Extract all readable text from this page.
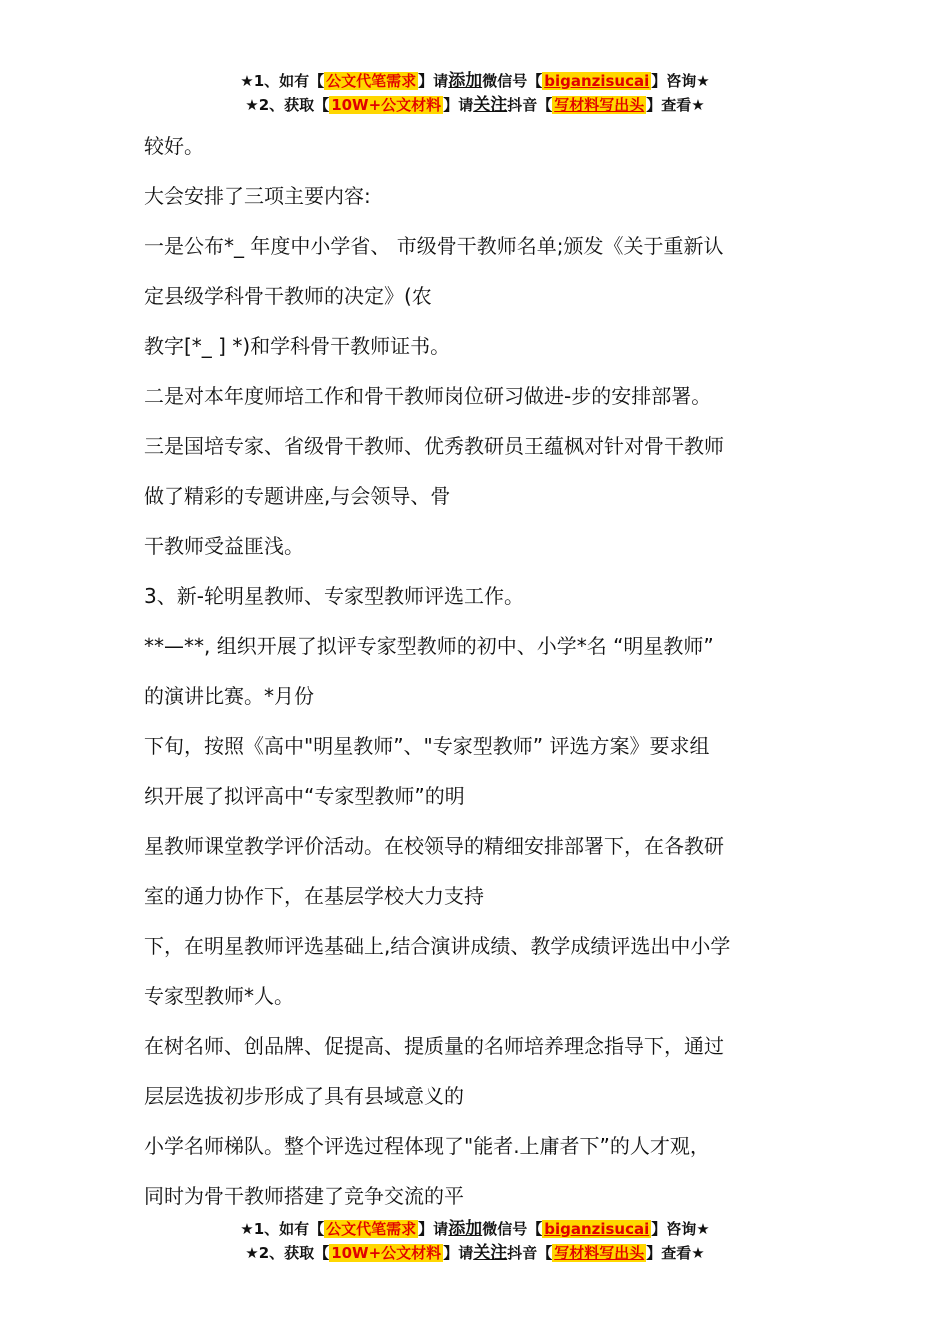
★1、如有【 公文代笔需求 】请添加微信号【 biganzisucai 】咨询★
★2、获取【 10W+公文材料 】请关注抖音【 写材料写出头 】查看★

较好。

大会安排了三项主要内容:

一是公布*_ 年度中小学省、 市级骨干教师名单;颁发《关于重新认

定县级学科骨干教师的决定》(农

教字[*_ ] *)和学科骨干教师证书。

二是对本年度师培工作和骨干教师岗位研习做进-步的安排部署。

三是国培专家、省级骨干教师、优秀教研员王蕴枫对针对骨干教师

做了精彩的专题讲座,与会领导、骨

干教师受益匪浅。

3、新-轮明星教师、专家型教师评选工作。

**—**, 组织开展了拟评专家型教师的初中、小学*名 “明星教师”

的演讲比赛。*月份

下旬，按照《高中"明星教师”、"专家型教师” 评选方案》要求组

织开展了拟评高中“专家型教师”的明

星教师课堂教学评价活动。在校领导的精细安排部署下，在各教研

室的通力协作下，在基层学校大力支持

下，在明星教师评选基础上,结合演讲成绩、教学成绩评选出中小学

专家型教师*人。

在树名师、创品牌、促提高、提质量的名师培养理念指导下，通过

层层选拔初步形成了具有县域意义的

小学名师梯队。整个评选过程体现了"能者.上庸者下”的人才观，

同时为骨干教师搭建了竞争交流的平

★1、如有【 公文代笔需求 】请添加微信号【 biganzisucai 】咨询★
★2、获取【 10W+公文材料 】请关注抖音【 写材料写出头 】查看★
